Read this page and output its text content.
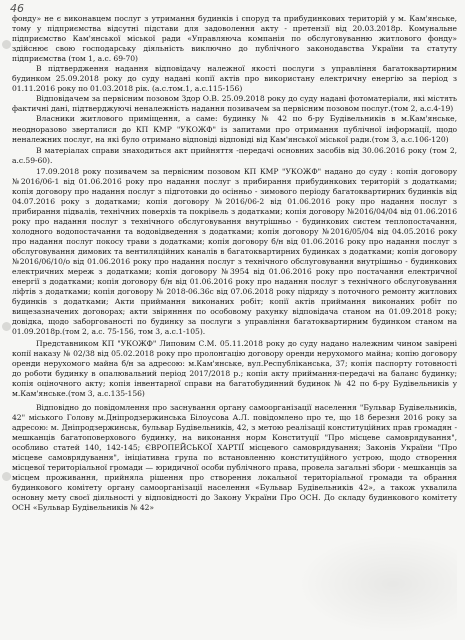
46

фонду» не є виконавцем послуг з утримання будинків і споруд та прибудинкових територій у м. Кам'янське, тому у підприємства відсутні підстави для задоволення акту - претензії від 20.03.2018р. Комунальне підприємство Кам'янської міської ради «Управляюча компанія по обслуговуванню житлового фонду» здійснює свою господарську діяльність виключно до публічного законодавства України та статуту підприємства (том 1, а.с. 69-70)

В підтвердження надання відповідачу належної якості послуги з управління багатоквартирним будинком 25.09.2018 року до суду надані копії актів про використану електричну енергію за період з 01.11.2016 року по 01.03.2018 рік. (а.с.том.1, а.с.115-156)

Відповідачем за первісним позовом Здор О.В. 25.09.2018 року до суду надані фотоматеріали, які містять фактичні дані, підтверджуючі неналежність надання позивачем за первісним позовом послуг.(том 2, а.с.4-19)

Власники житлового приміщення, а саме: будинку № 42 по б-ру Будівельників в м.Кам'янське, неодноразово зверталися до КП КМР "УКОЖФ" із запитами про отримання публічної інформації, щодо неналежних послуг, на які було отримано відповіді відповіді від Кам'янської міської ради.(том 3, а.с.106-120)

В матеріалах справи знаходиться акт прийняття -передачі основних засобів від 30.06.2016 року (том 2, а.с.59-60).

17.09.2018 року позивачем за первісним позовом КП КМР "УКОЖФ" надано до суду : копія договору №2016/06-1 від 01.06.2016 року про надання послуг з прибирання прибудинкових територій з додатками; копія договору про надання послуг з підготовки до осінньо - зимового періоду багатоквартирних будинків від 04.07.2016 року з додатками; копія договору №2016/06-2 від 01.06.2016 року про надання послуг з прибирання підвалів, технічних поверхів та покрівель з додатками; копія договору №2016/04/04 від 01.06.2016 року про надання послуг з технічного обслуговування внутрішньо - будинкових систем теплопостачання, холодного водопостачання та водовідведення з додатками; копія договору №2016/05/04 від 04.05.2016 року про надання послуг покосу трави з додатками; копія договору б/н від 01.06.2016 року про надання послуг з обслуговування димових та вентиляційних каналів в багатоквартирних будинках з додатками; копія договору №2016/06/10/о від 01.06.2016 року про надання послуг з технічного обслуговування внутрішньо - будинкових електричних мереж з додатками; копія договору №3954 від 01.06.2016 року про постачання електричної енергії з додатками; копія договору б/н від 01.06.2016 року про надання послуг з технічного обслуговування ліфтів з додатками; копія договору № 2018-06.36с від 07.06.2018 року підряду з поточного ремонту житлових будинків з додатками; Акти приймання виконаних робіт; копії актів приймання виконаних робіт по вищезазначених договорах; акти звірянння по особовому рахунку відповідача станом на 01.09.2018 року; довідка, щодо заборгованості по будинку за послуги з управління багатоквартирним будинком станом на 01.09.2018р.(том 2, а.с. 75-156, том 3, а.с.1-105).

Представником КП "УКОЖФ" Липовим С.М. 05.11.2018 року до суду надано належним чином завірені копії наказу № 02/38 від 05.02.2018 року про пролонгацію договору оренди нерухомого майна; копію договору оренди нерухомого майна б/н за адресою: м.Кам'янське, вул.Республіканська, 37; копія паспорту готовності до роботи будинку в опалювальний період 2017/2018 р.; копія акту приймання-передачі на баланс будинку; копія оціночного акту; копія інвентарної справи на багатобудинний будинок № 42 по б-ру Будівельників у м.Кам'янське.(том 3, а.с.135-156)

Відповідно до повідомлення про заснування органу самоорганізації населення "Бульвар Будівельників, 42" міського Голову м.Дніпродзержинська Білоусова А.Л. повідомлено про те, що 18 березня 2016 року за адресою: м. Дніпродзержинськ, бульвар Будівельників, 42, з метою реалізації конституційних прав громадян - мешканців багатоповерхового будинку, на виконання норм Конституції "Про місцеве самоврядування", особливо статей 140, 142-145; ЄВРОПЕЙСЬКОЇ ХАРТІЇ місцевого самоврядування; Законів України "Про місцеве самоврядування", ініціативна група по встановленню конституційного устрою, щодо створення місцевої територіальної громади — юридичної особи публічного права, провела загальні збори - мешканців за місцем проживання, прийняла рішення про створення локальної територіальної громади та обрання будинкового комітету органу самоорганізації населення «Бульвар Будівельників 42», а також ухвалила основну мету своєї діяльності у відповідності до Закону України Про ОСН. До складу будинкового комітету ОСН «Бульвар Будівельників № 42»
